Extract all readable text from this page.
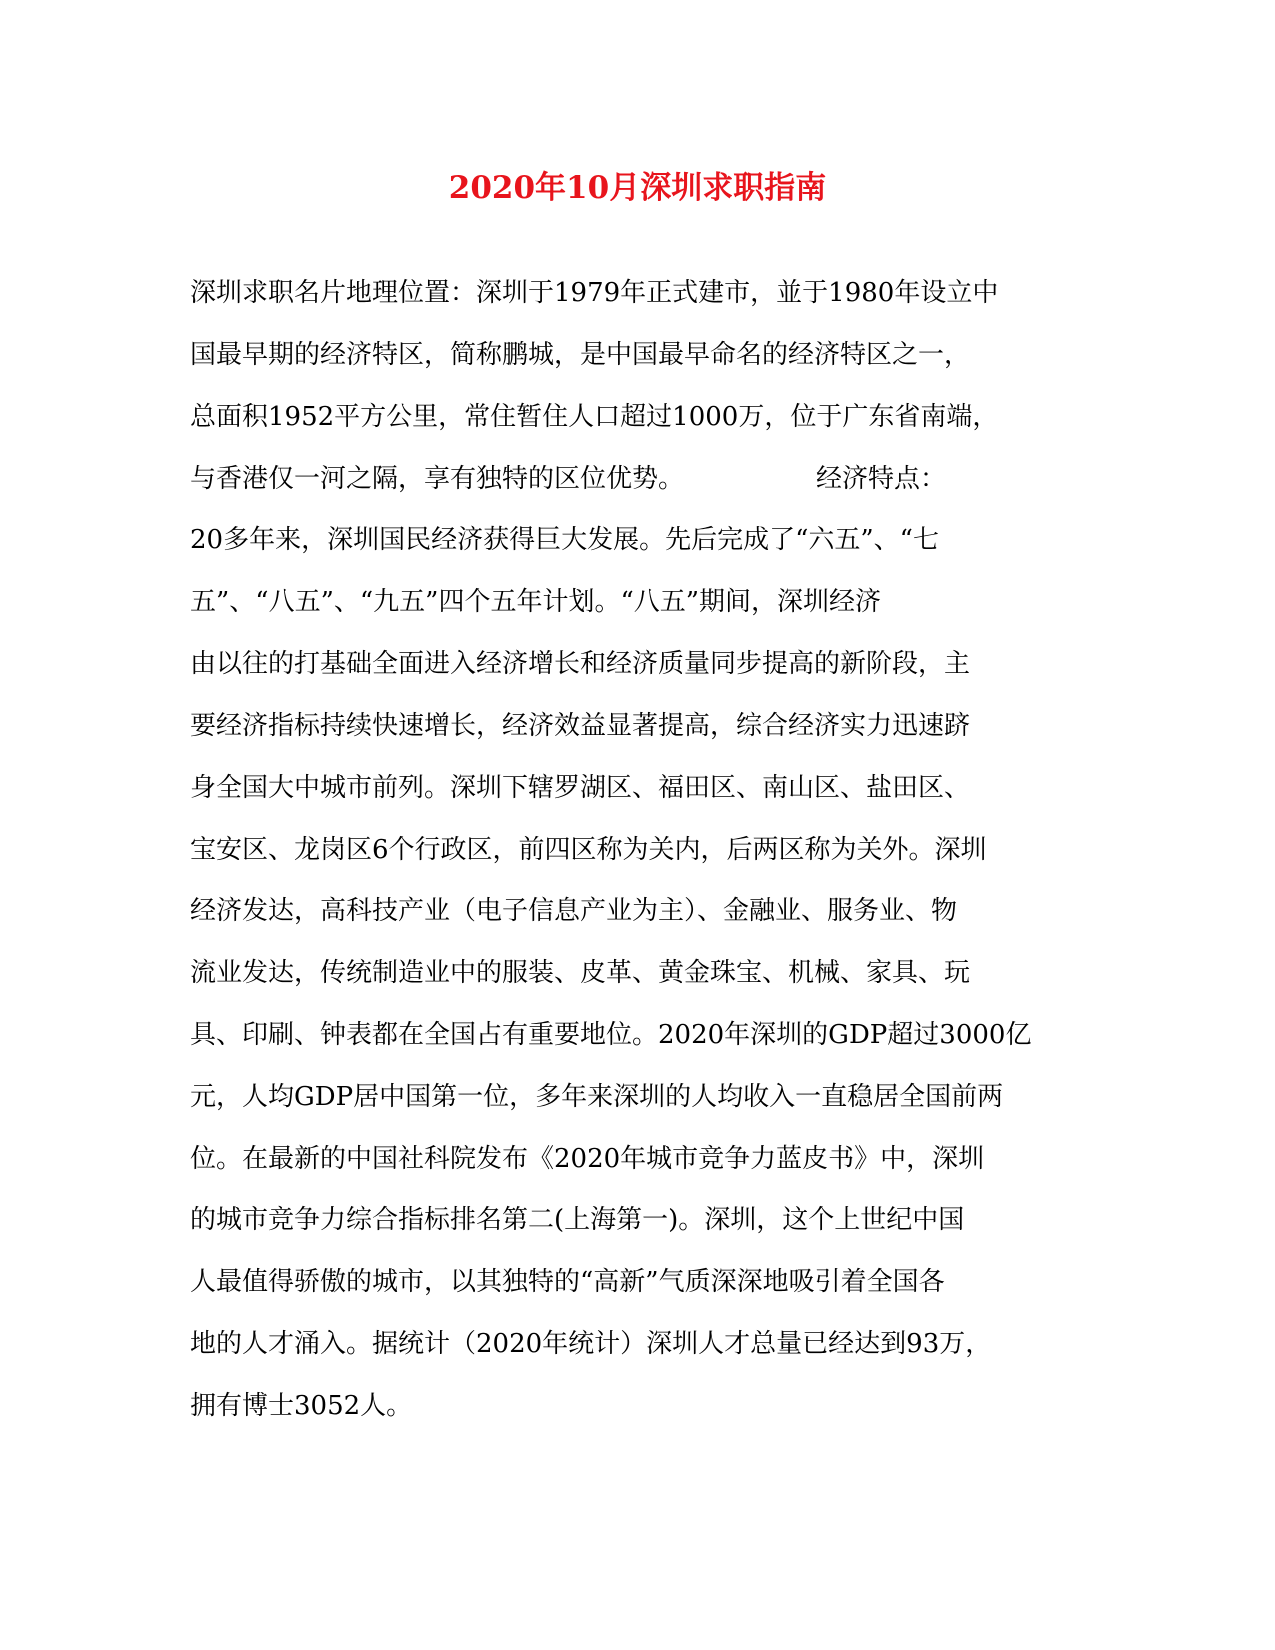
2020年10月深圳求职指南
深圳求职名片地理位置：深圳于1979年正式建市，並于1980年设立中
国最早期的经济特区，简称鹏城，是中国最早命名的经济特区之一，
总面积1952平方公里，常住暂住人口超过1000万，位于广东省南端，
与香港仅一河之隔，享有独特的区位优势。	经济特点：
20多年来，深圳国民经济获得巨大发展。先后完成了“六五”、“七
五”、“八五”、“九五”四个五年计划。“八五”期间，深圳经济
由以往的打基础全面进入经济增长和经济质量同步提高的新阶段，主
要经济指标持续快速增长，经济效益显著提高，综合经济实力迅速跻
身全国大中城市前列。深圳下辖罗湖区、福田区、南山区、盐田区、
宝安区、龙岗区6个行政区，前四区称为关内，后两区称为关外。深圳
经济发达，高科技产业（电子信息产业为主）、金融业、服务业、物
流业发达，传统制造业中的服装、皮革、黄金珠宝、机械、家具、玩
具、印刷、钟表都在全国占有重要地位。2020年深圳的GDP超过3000亿
元，人均GDP居中国第一位，多年来深圳的人均收入一直稳居全国前两
位。在最新的中国社科院发布《2020年城市竞争力蓝皮书》中，深圳
的城市竞争力综合指标排名第二(上海第一)。深圳，这个上世纪中国
人最值得骄傲的城市，以其独特的“高新”气质深深地吸引着全国各
地的人才涌入。据统计（2020年统计）深圳人才总量已经达到93万，
拥有博士3052人。
